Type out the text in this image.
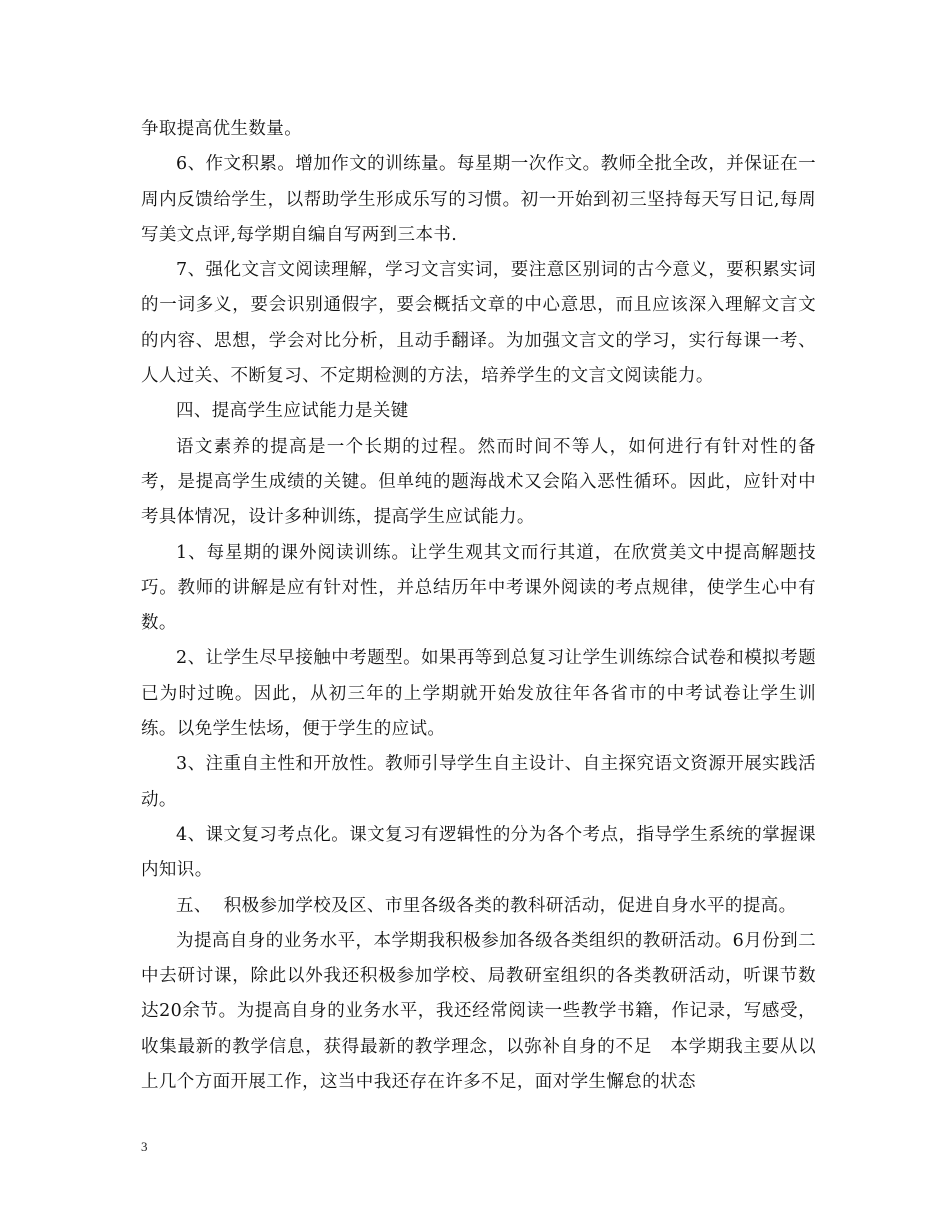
争取提高优生数量。

6、作文积累。增加作文的训练量。每星期一次作文。教师全批全改，并保证在一周内反馈给学生，以帮助学生形成乐写的习惯。初一开始到初三坚持每天写日记,每周写美文点评,每学期自编自写两到三本书.

7、强化文言文阅读理解，学习文言实词，要注意区别词的古今意义，要积累实词的一词多义，要会识别通假字，要会概括文章的中心意思，而且应该深入理解文言文的内容、思想，学会对比分析，且动手翻译。为加强文言文的学习，实行每课一考、人人过关、不断复习、不定期检测的方法，培养学生的文言文阅读能力。

四、提高学生应试能力是关键

语文素养的提高是一个长期的过程。然而时间不等人，如何进行有针对性的备考，是提高学生成绩的关键。但单纯的题海战术又会陷入恶性循环。因此，应针对中考具体情况，设计多种训练，提高学生应试能力。

1、每星期的课外阅读训练。让学生观其文而行其道，在欣赏美文中提高解题技巧。教师的讲解是应有针对性，并总结历年中考课外阅读的考点规律，使学生心中有数。

2、让学生尽早接触中考题型。如果再等到总复习让学生训练综合试卷和模拟考题已为时过晚。因此，从初三年的上学期就开始发放往年各省市的中考试卷让学生训练。以免学生怯场，便于学生的应试。

3、注重自主性和开放性。教师引导学生自主设计、自主探究语文资源开展实践活动。

4、课文复习考点化。课文复习有逻辑性的分为各个考点，指导学生系统的掌握课内知识。

五、  积极参加学校及区、市里各级各类的教科研活动，促进自身水平的提高。

为提高自身的业务水平，本学期我积极参加各级各类组织的教研活动。6月份到二中去研讨课，除此以外我还积极参加学校、局教研室组织的各类教研活动，听课节数达20余节。为提高自身的业务水平，我还经常阅读一些教学书籍，作记录，写感受，收集最新的教学信息，获得最新的教学理念，以弥补自身的不足　本学期我主要从以上几个方面开展工作，这当中我还存在许多不足，面对学生懈怠的状态

3
